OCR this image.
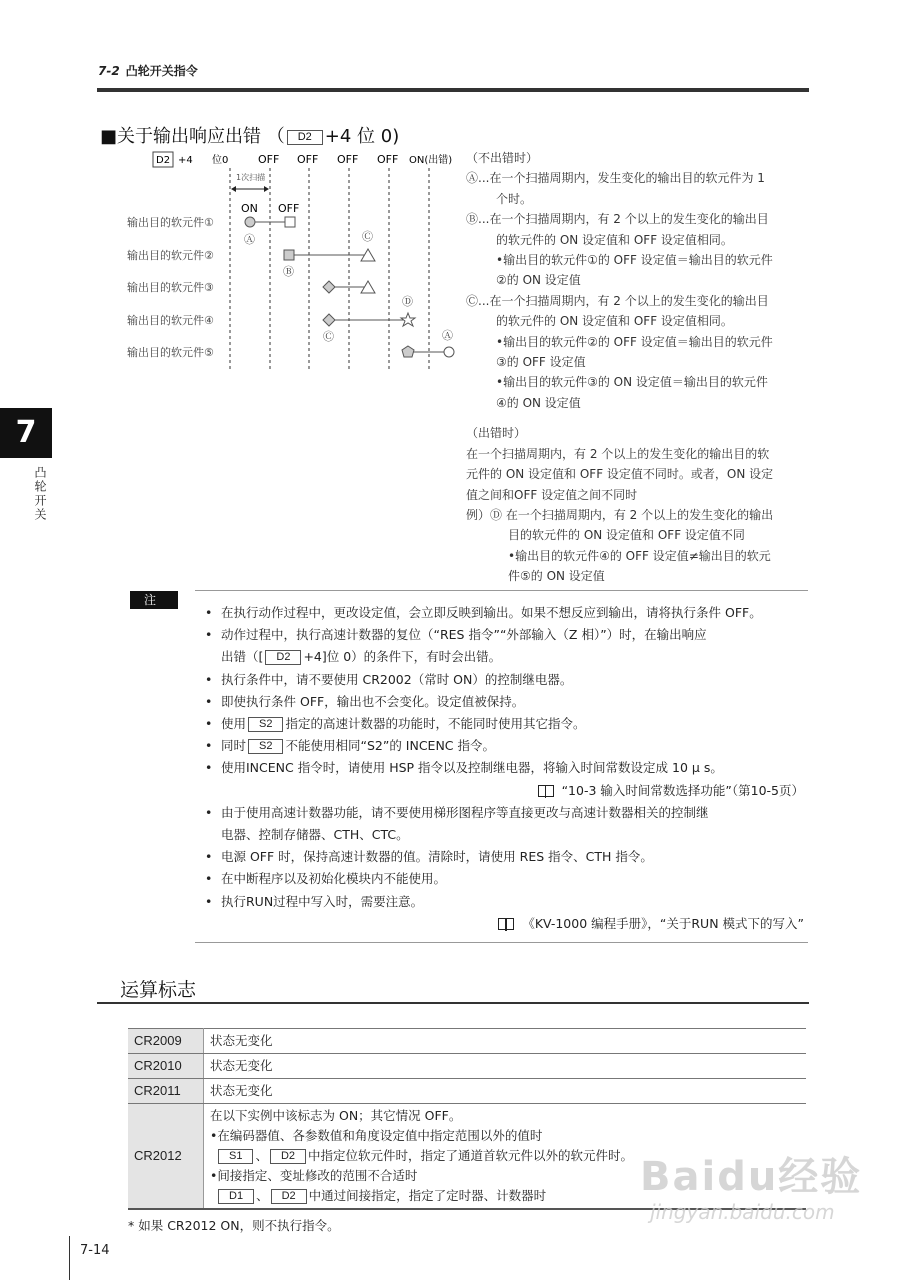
7-2 凸轮开关指令
■关于输出响应出错 （ D2 +4 位 0)
D2 +4 位0	OFF OFF OFF OFF ON(出错)
1次扫描
ON OFF
输出目的软元件①
输出目的软元件②
输出目的软元件③
输出目的软元件④
输出目的软元件⑤
Ⓐ	Ⓒ
Ⓑ
Ⓓ
Ⓒ	Ⓐ
（不出错时）
Ⓐ...在一个扫描周期内，发生变化的输出目的软元件为 1
个时。
Ⓑ...在一个扫描周期内，有 2 个以上的发生变化的输出目
的软元件的 ON 设定值和 OFF 设定值相同。
•输出目的软元件①的 OFF 设定值＝输出目的软元件
②的 ON 设定值
Ⓒ...在一个扫描周期内，有 2 个以上的发生变化的输出目
的软元件的 ON 设定值和 OFF 设定值相同。
•输出目的软元件②的 OFF 设定值＝输出目的软元件
③的 OFF 设定值
•输出目的软元件③的 ON 设定值＝输出目的软元件
④的 ON 设定值
（出错时）
在一个扫描周期内，有 2 个以上的发生变化的输出目的软
元件的 ON 设定值和 OFF 设定值不同时。或者，ON 设定
值之间和OFF 设定值之间不同时
例）Ⓓ 在一个扫描周期内，有 2 个以上的发生变化的输出
目的软元件的 ON 设定值和 OFF 设定值不同
•输出目的软元件④的 OFF 设定值≠输出目的软元
件⑤的 ON 设定值
7
凸轮开关
注
• 在执行动作过程中，更改设定值，会立即反映到输出。如果不想反应到输出，请将执行条件 OFF。
• 动作过程中，执行高速计数器的复位（“RES 指令”“外部输入（Z 相）”）时，在输出响应
出错（[ D2 +4]位 0）的条件下，有时会出错。
• 执行条件中，请不要使用 CR2002（常时 ON）的控制继电器。
• 即使执行条件 OFF，输出也不会变化。设定值被保持。
• 使用 S2 指定的高速计数器的功能时，不能同时使用其它指令。
• 同时 S2 不能使用相同“S2”的 INCENC 指令。
• 使用INCENC 指令时，请使用 HSP 指令以及控制继电器，将输入时间常数设定成 10 μ s。
“10-3 输入时间常数选择功能”（第10-5页）
• 由于使用高速计数器功能，请不要使用梯形图程序等直接更改与高速计数器相关的控制继
电器、控制存储器、CTH、CTC。
• 电源 OFF 时，保持高速计数器的值。清除时，请使用 RES 指令、CTH 指令。
• 在中断程序以及初始化模块内不能使用。
• 执行RUN过程中写入时，需要注意。
《KV-1000 编程手册》，“关于RUN 模式下的写入”
运算标志
CR2009	状态无变化
CR2010	状态无变化
CR2011	状态无变化
CR2012	在以下实例中该标志为 ON；其它情况 OFF。
•在编码器值、各参数值和角度设定值中指定范围以外的值时
S1 、 D2 中指定位软元件时，指定了通道首软元件以外的软元件时。
•间接指定、变址修改的范围不合适时
D1 、 D2 中通过间接指定，指定了定时器、计数器时
* 如果 CR2012 ON，则不执行指令。
7-14
Baidu经验
jingyan.baidu.com
